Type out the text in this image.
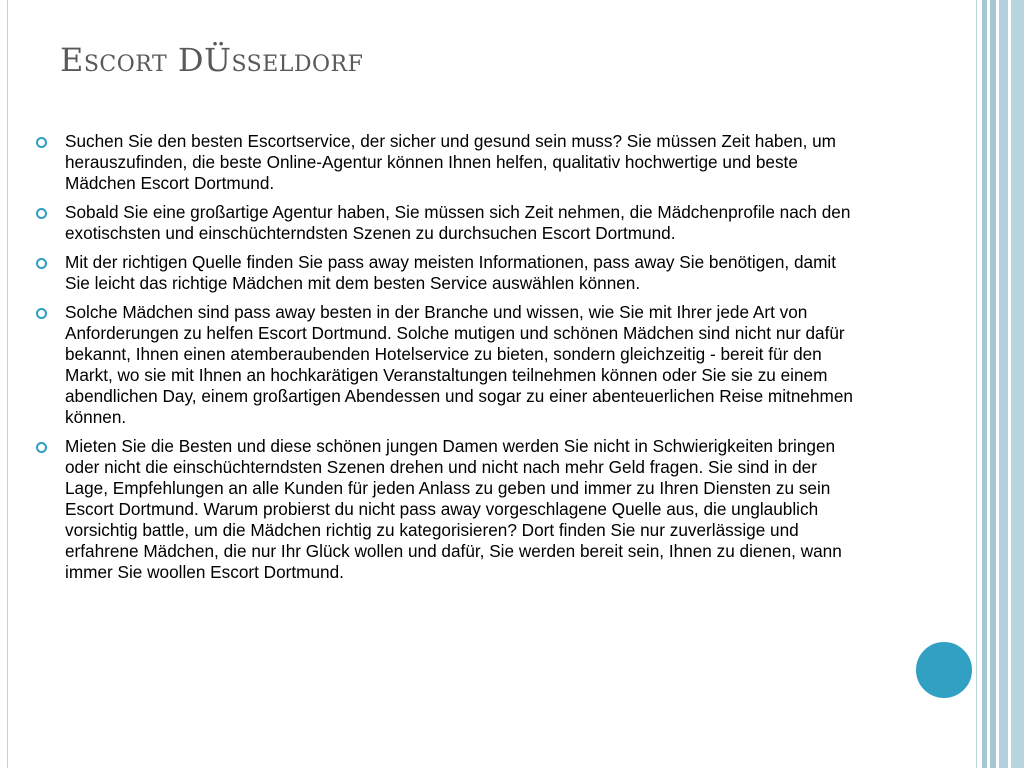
Escort DÜsseldorf
Suchen Sie den besten Escortservice, der sicher und gesund sein muss? Sie müssen Zeit haben, um herauszufinden, die beste Online-Agentur können Ihnen helfen, qualitativ hochwertige und beste Mädchen Escort Dortmund.
Sobald Sie eine großartige Agentur haben, Sie müssen sich Zeit nehmen, die Mädchenprofile nach den exotischsten und einschüchterndsten Szenen zu durchsuchen Escort Dortmund.
Mit der richtigen Quelle finden Sie pass away meisten Informationen, pass away Sie benötigen, damit Sie leicht das richtige Mädchen mit dem besten Service auswählen können.
Solche Mädchen sind pass away besten in der Branche und wissen, wie Sie mit Ihrer jede Art von Anforderungen zu helfen Escort Dortmund. Solche mutigen und schönen Mädchen sind nicht nur dafür bekannt, Ihnen einen atemberaubenden Hotelservice zu bieten, sondern gleichzeitig - bereit für den Markt, wo sie mit Ihnen an hochkarätigen Veranstaltungen teilnehmen können oder Sie sie zu einem abendlichen Day, einem großartigen Abendessen und sogar zu einer abenteuerlichen Reise mitnehmen können.
Mieten Sie die Besten und diese schönen jungen Damen werden Sie nicht in Schwierigkeiten bringen oder nicht die einschüchterndsten Szenen drehen und nicht nach mehr Geld fragen. Sie sind in der Lage, Empfehlungen an alle Kunden für jeden Anlass zu geben und immer zu Ihren Diensten zu sein Escort Dortmund. Warum probierst du nicht pass away vorgeschlagene Quelle aus, die unglaublich vorsichtig battle, um die Mädchen richtig zu kategorisieren? Dort finden Sie nur zuverlässige und erfahrene Mädchen, die nur Ihr Glück wollen und dafür, Sie werden bereit sein, Ihnen zu dienen, wann immer Sie woollen Escort Dortmund.
